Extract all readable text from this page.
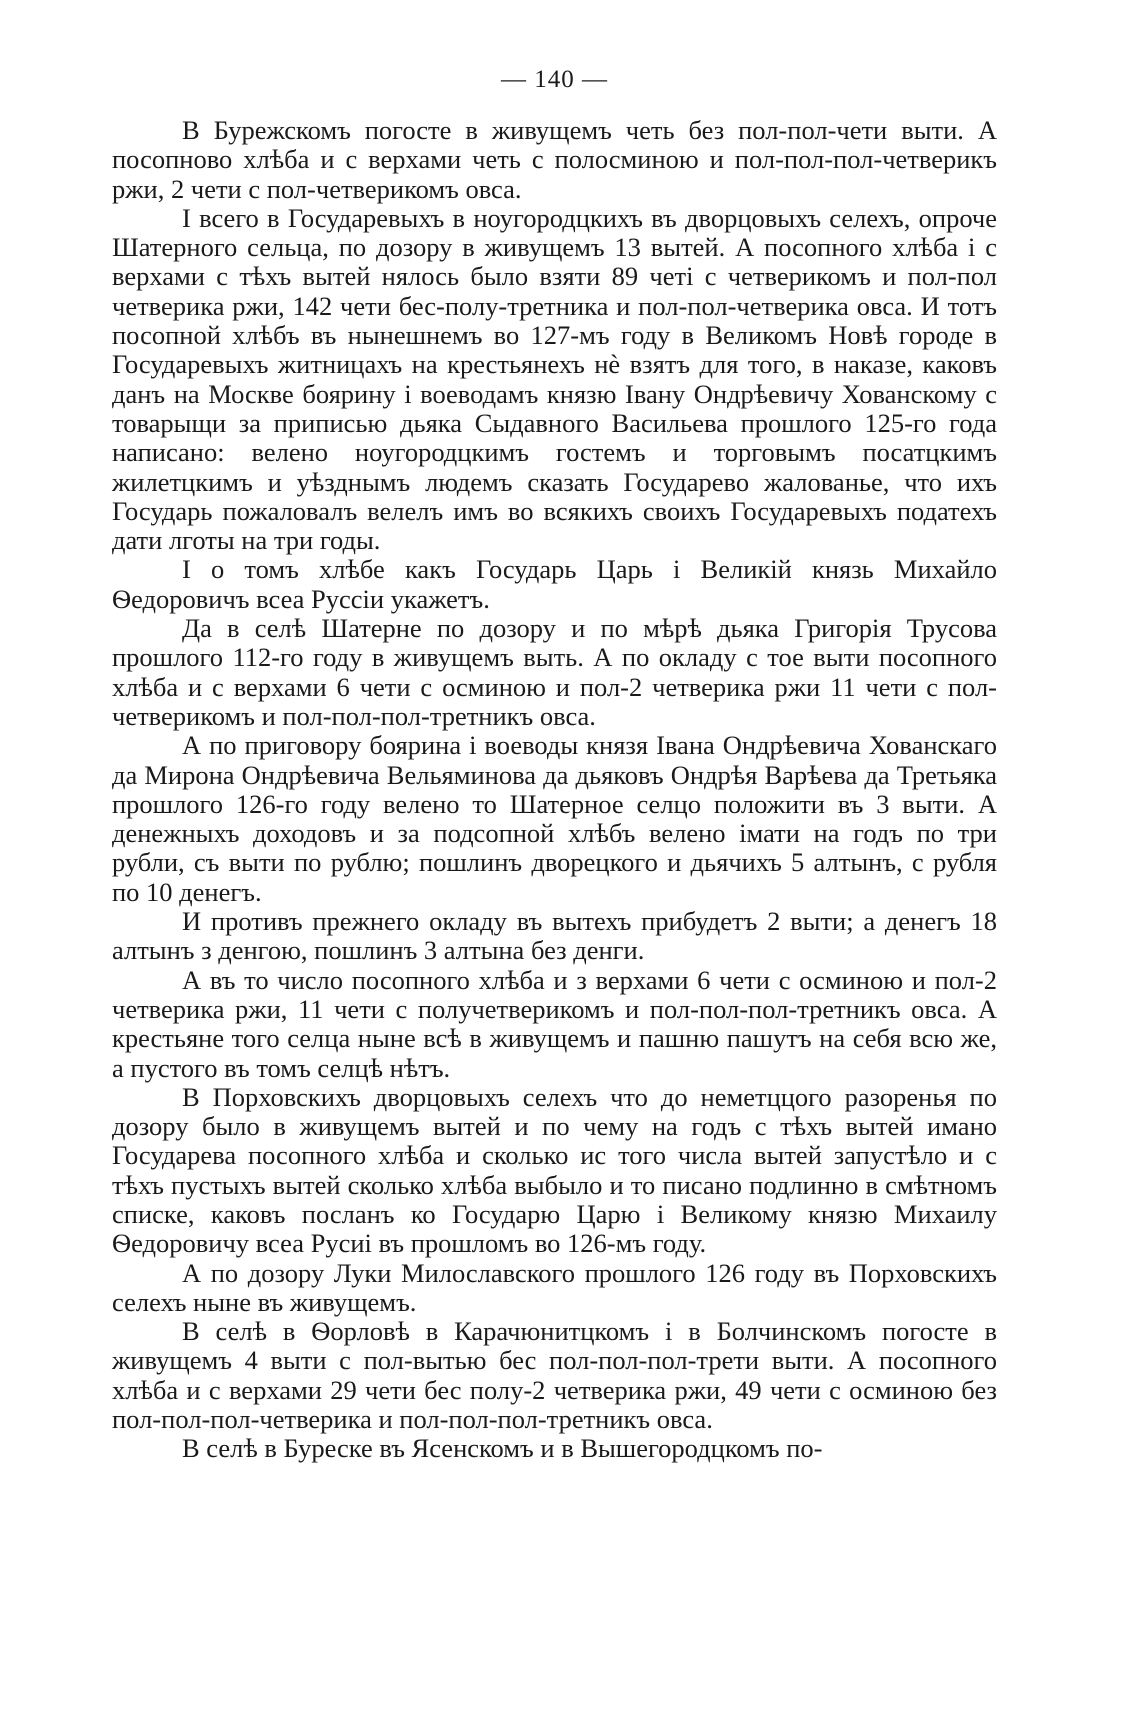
— 140 —

В Бурежскомъ погосте в живущемъ четь без пол-пол-чети выти. А посопново хлѣба и с верхами четь с полосминою и пол-пол-пол-четверикъ ржи, 2 чети с пол-четверикомъ овса.

I всего в Государевыхъ в ноугородцкихъ въ дворцовыхъ селехъ, опроче Шатерного сельца, по дозору в живущемъ 13 вытей. А посопного хлѣба і с верхами с тѣхъ вытей нялось было взяти 89 четі с четверикомъ и пол-пол четверика ржи, 142 чети бес-полу-третника и пол-пол-четверика овса. И тотъ посопной хлѣбъ въ нынешнемъ во 127-мъ году в Великомъ Новѣ городе в Государевыхъ житницахъ на крестьянехъ нѐ взятъ для того, в наказе, каковъ данъ на Москве боярину і воеводамъ князю Івану Ондрѣевичу Хованскому с товарыщи за приписью дьяка Сыдавного Васильева прошлого 125-го года написано: велено ноугородцкимъ гостемъ и торговымъ посатцкимъ жилетцкимъ и уѣзднымъ людемъ сказать Государево жалованье, что ихъ Государь пожаловалъ велелъ имъ во всякихъ своихъ Государевыхъ податехъ дати лготы на три годы.

I о томъ хлѣбе какъ Государь Царь і Великій князь Михайло Ѳедоровичъ всеа Руссіи укажетъ.

Да в селѣ Шатерне по дозору и по мѣрѣ дьяка Григорія Трусова прошлого 112-го году в живущемъ выть. А по окладу с тое выти посопного хлѣба и с верхами 6 чети с осминою и пол-2 четверика ржи 11 чети с пол-четверикомъ и пол-пол-пол-третникъ овса.

А по приговору боярина і воеводы князя Івана Ондрѣевича Хованскаго да Мирона Ондрѣевича Вельяминова да дьяковъ Ондрѣя Варѣева да Третьяка прошлого 126-го году велено то Шатерное селцо положити въ 3 выти. А денежныхъ доходовъ и за подсопной хлѣбъ велено імати на годъ по три рубли, съ выти по рублю; пошлинъ дворецкого и дьячихъ 5 алтынъ, с рубля по 10 денегъ.

И противъ прежнего окладу въ вытехъ прибудетъ 2 выти; а денегъ 18 алтынъ з денгою, пошлинъ 3 алтына без денги.

А въ то число посопного хлѣба и з верхами 6 чети с осминою и пол-2 четверика ржи, 11 чети с получетверикомъ и пол-пол-пол-третникъ овса. А крестьяне того селца ныне всѣ в живущемъ и пашню пашутъ на себя всю же, а пустого въ томъ селцѣ нѣтъ.

В Порховскихъ дворцовыхъ селехъ что до неметццого разоренья по дозору было в живущемъ вытей и по чему на годъ с тѣхъ вытей имано Государева посопного хлѣба и сколько ис того числа вытей запустѣло и с тѣхъ пустыхъ вытей сколько хлѣба выбыло и то писано подлинно в смѣтномъ списке, каковъ посланъ ко Государю Царю і Великому князю Михаилу Ѳедоровичу всеа Русиі въ прошломъ во 126-мъ году.

А по дозору Луки Милославского прошлого 126 году въ Порховскихъ селехъ ныне въ живущемъ.

В селѣ в Ѳорловѣ в Карачюнитцкомъ і в Болчинскомъ погосте в живущемъ 4 выти с пол-вытью бес пол-пол-пол-трети выти. А посопного хлѣба и с верхами 29 чети бес полу-2 четверика ржи, 49 чети с осминою без пол-пол-пол-четверика и пол-пол-пол-третникъ овса.

В селѣ в Буреске въ Ясенскомъ и в Вышегородцкомъ по-
